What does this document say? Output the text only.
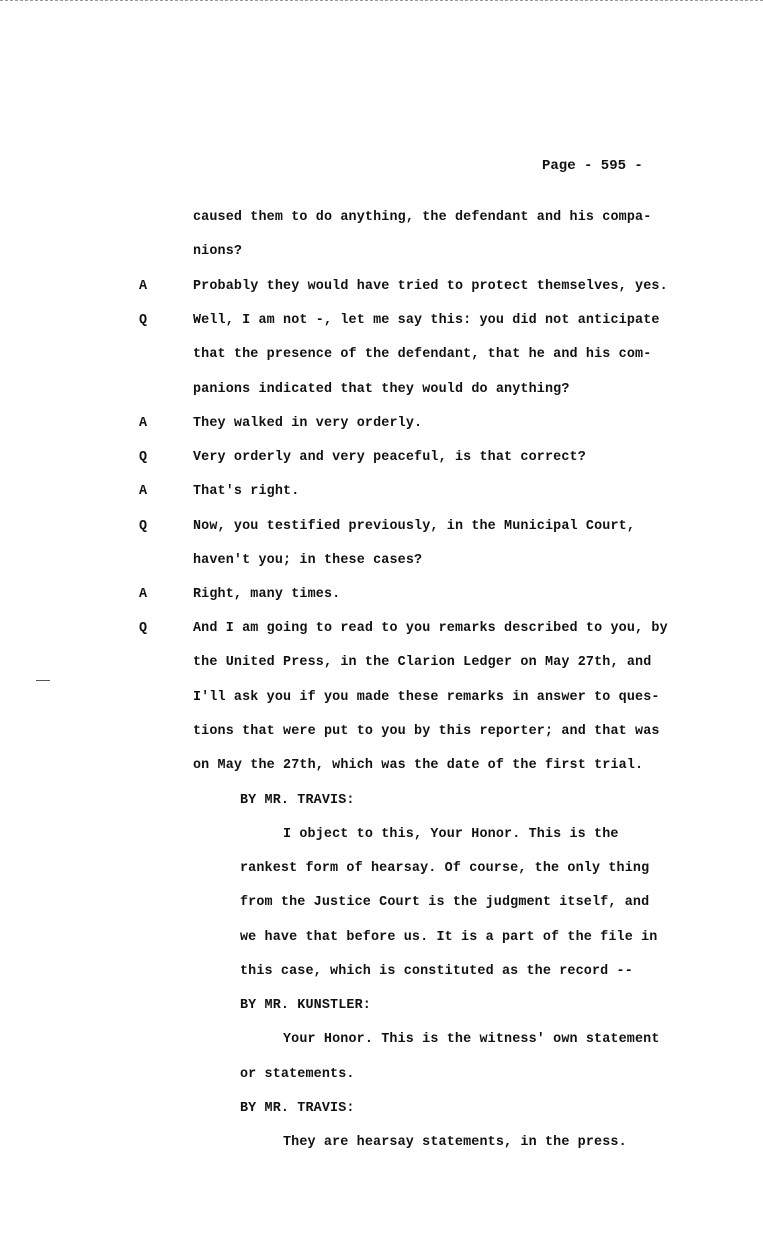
Page - 595 -
caused them to do anything, the defendant and his compa-
nions?
A	Probably they would have tried to protect themselves, yes.
Q	Well, I am not -, let me say this: you did not anticipate
that the presence of the defendant, that he and his com-
panions indicated that they would do anything?
A	They walked in very orderly.
Q	Very orderly and very peaceful, is that correct?
A	That's right.
Q	Now, you testified previously, in the Municipal Court,
haven't you; in these cases?
A	Right, many times.
Q	And I am going to read to you remarks described to you, by
the United Press, in the Clarion Ledger on May 27th, and
I'll ask you if you made these remarks in answer to ques-
tions that were put to you by this reporter; and that was
on May the 27th, which was the date of the first trial.
BY MR. TRAVIS:
I object to this, Your Honor. This is the
rankest form of hearsay. Of course, the only thing
from the Justice Court is the judgment itself, and
we have that before us. It is a part of the file in
this case, which is constituted as the record --
BY MR. KUNSTLER:
Your Honor. This is the witness' own statement
or statements.
BY MR. TRAVIS:
They are hearsay statements, in the press.
